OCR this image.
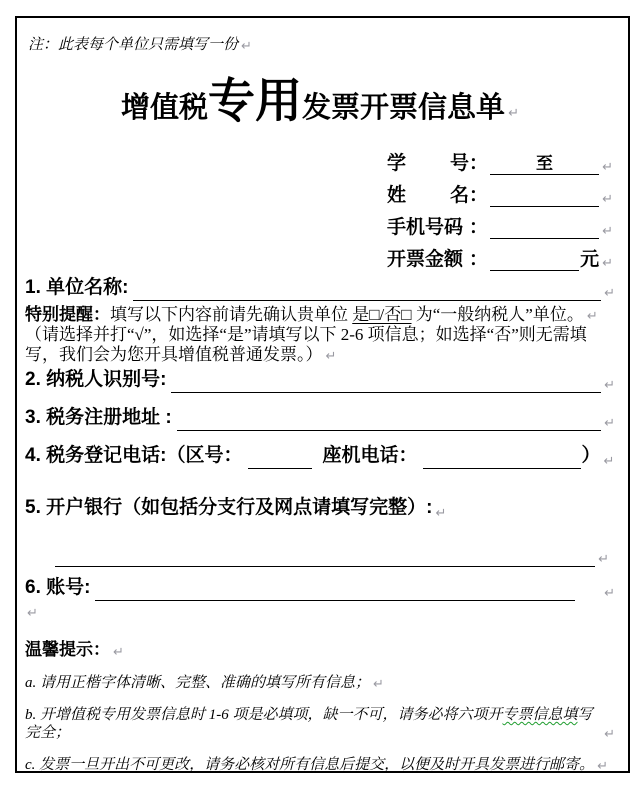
注：此表每个单位只需填写一份 ↵
增值税专用发票开票信息单 ↵
学 号 ：	至	↵
姓 名 ：	↵
手机号码 ：	↵
开票金额 ：	元 ↵
1. 单位名称:	↵
特别提醒：填写以下内容前请先确认贵单位 是□/否□ 为“一般纳税人”单位。 ↵
（请选择并打“√”，如选择“是”请填写以下 2-6 项信息；如选择“否”则无需填写，我们会为您开具增值税普通发票。） ↵
2. 纳税人识别号:	↵
3. 税务注册地址 :	↵
4. 税务登记电话: （区号：	座机电话：	） ↵
5. 开户银行（如包括分支行及网点请填写完整）: ↵
↵
6. 账号:	↵
↵
温馨提示： ↵
a. 请用正楷字体清晰、完整、准确的填写所有信息； ↵
b. 开增值税专用发票信息时 1-6 项是必填项，缺一不可，请务必将六项开专票信息填写完全；	↵
c. 发票一旦开出不可更改，请务必核对所有信息后提交，以便及时开具发票进行邮寄。 ↵
